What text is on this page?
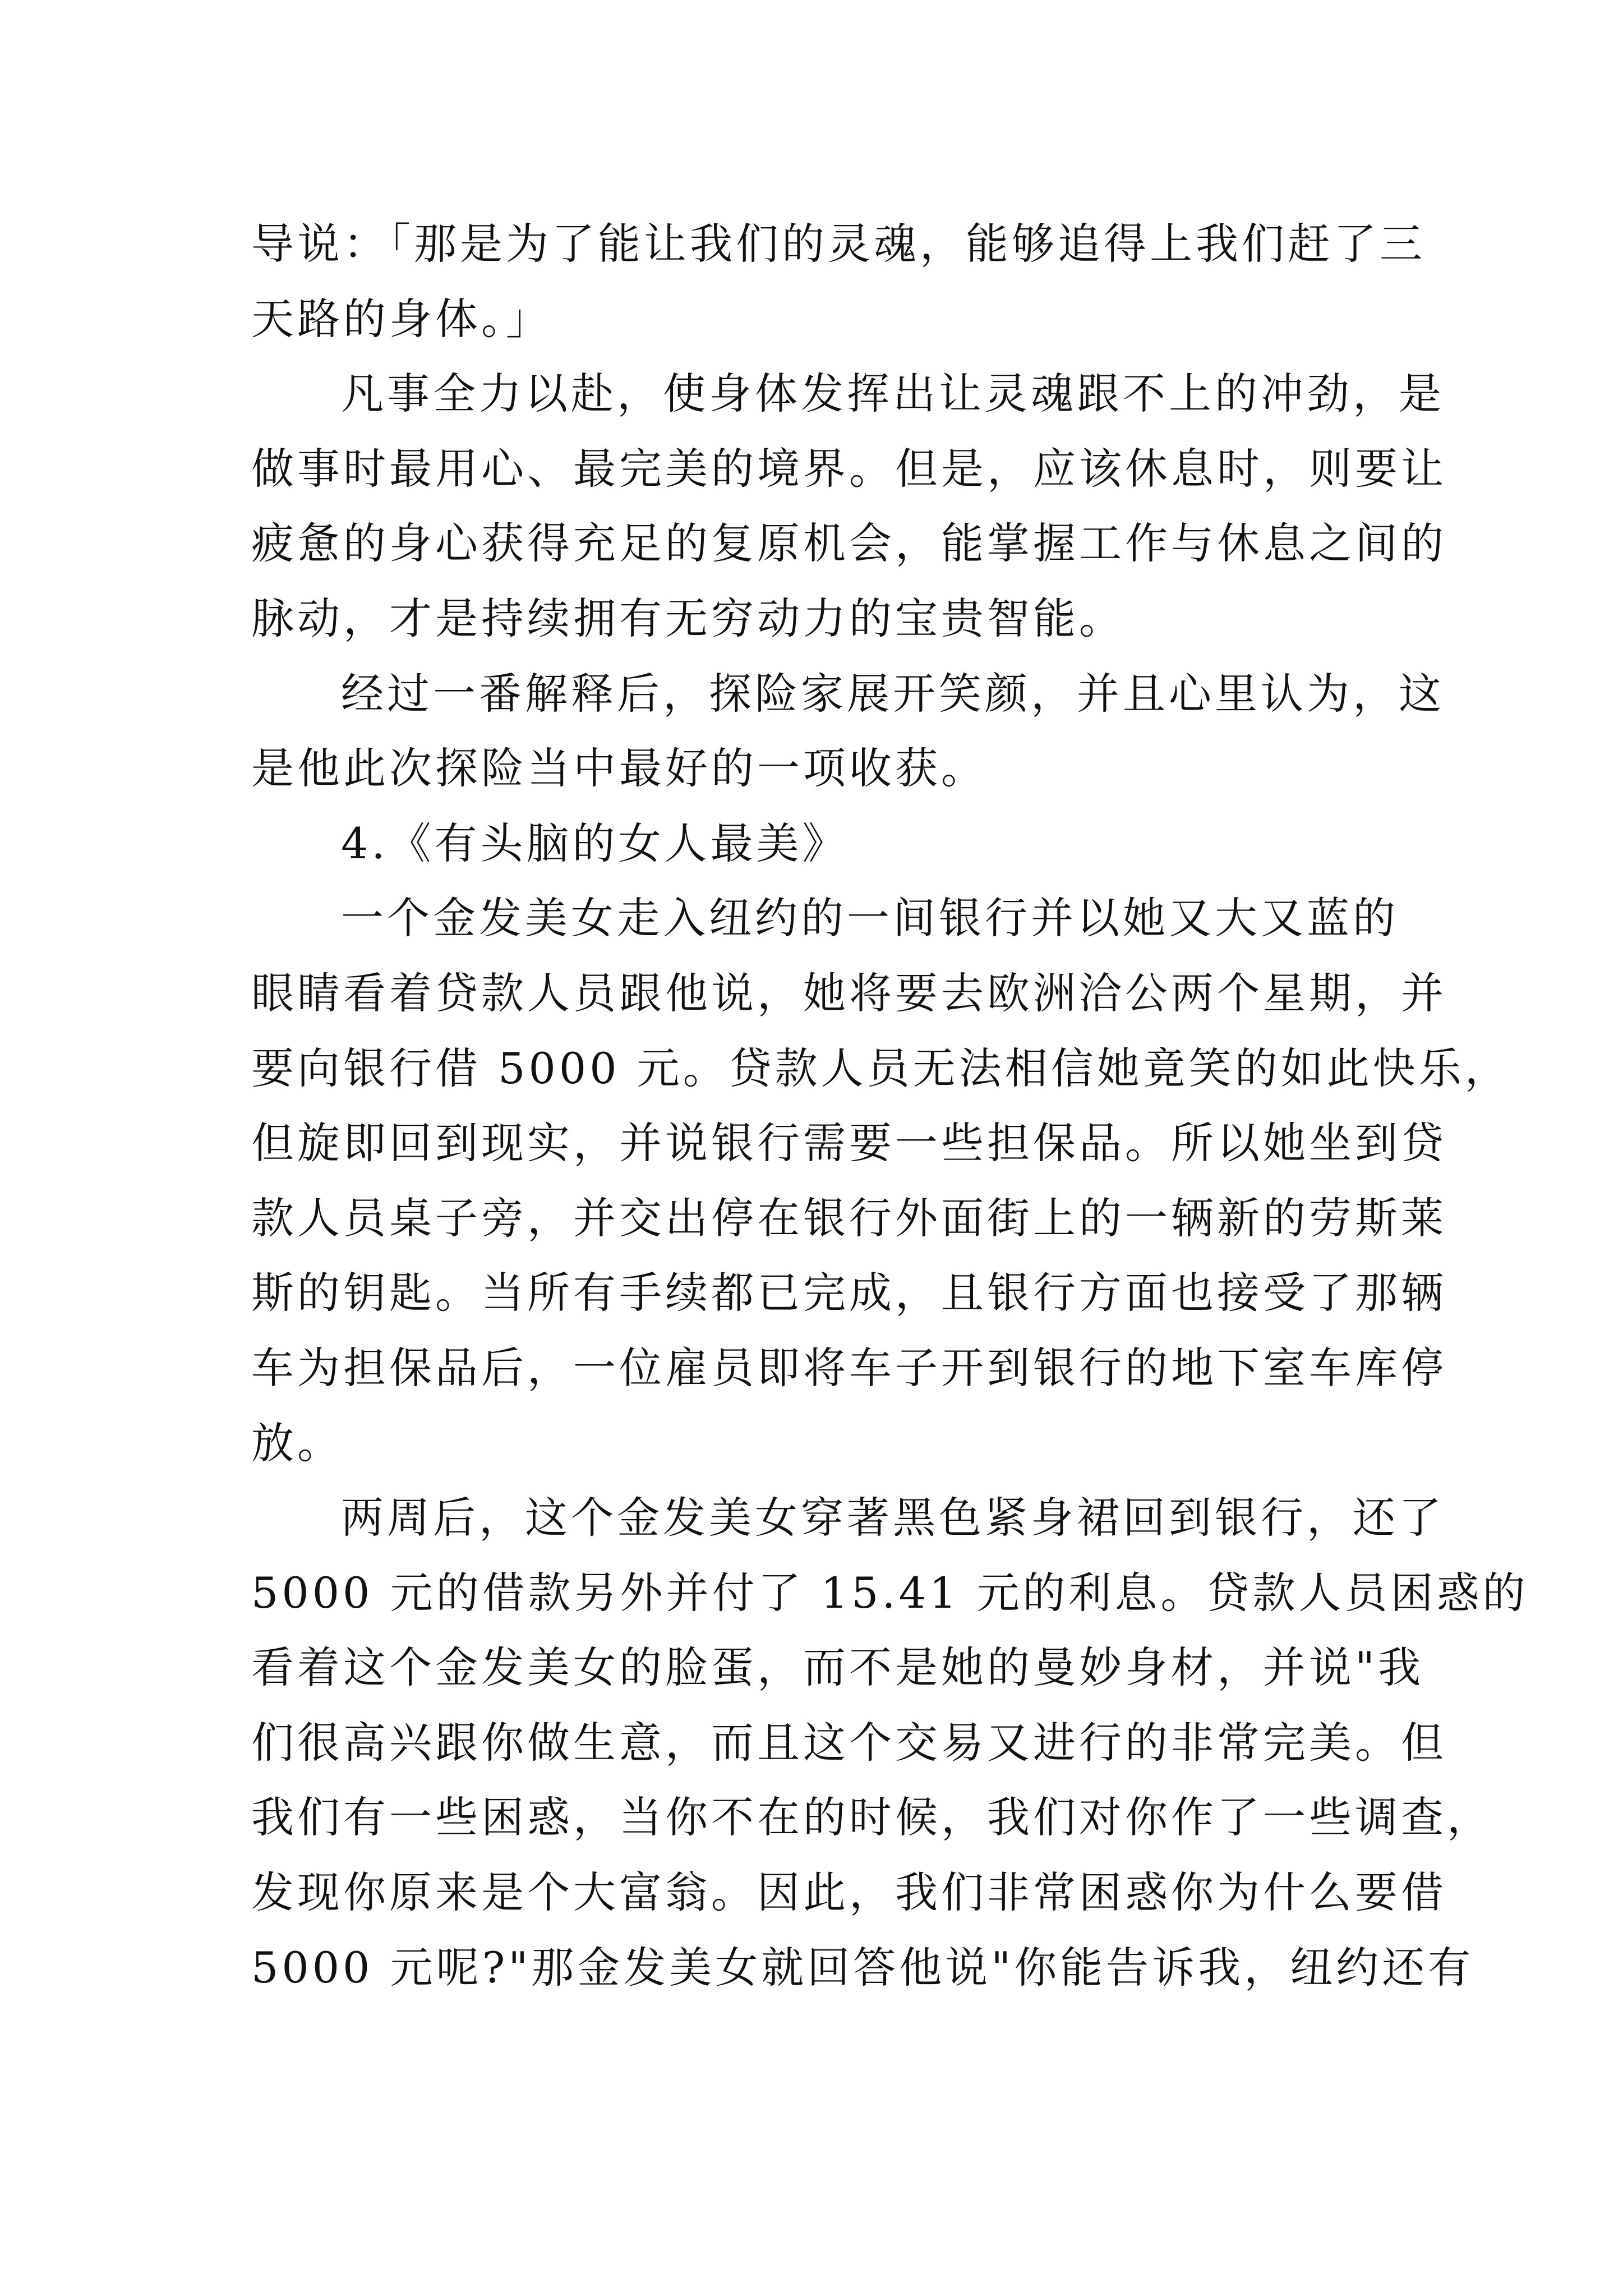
导说：「那是为了能让我们的灵魂，能够追得上我们赶了三
天路的身体。」
凡事全力以赴，使身体发挥出让灵魂跟不上的冲劲，是
做事时最用心、最完美的境界。但是，应该休息时，则要让
疲惫的身心获得充足的复原机会，能掌握工作与休息之间的
脉动，才是持续拥有无穷动力的宝贵智能。
经过一番解释后，探险家展开笑颜，并且心里认为，这
是他此次探险当中最好的一项收获。
4.《有头脑的女人最美》
一个金发美女走入纽约的一间银行并以她又大又蓝的
眼睛看着贷款人员跟他说，她将要去欧洲洽公两个星期，并
要向银行借 5000 元。贷款人员无法相信她竟笑的如此快乐，
但旋即回到现实，并说银行需要一些担保品。所以她坐到贷
款人员桌子旁，并交出停在银行外面街上的一辆新的劳斯莱
斯的钥匙。当所有手续都已完成，且银行方面也接受了那辆
车为担保品后，一位雇员即将车子开到银行的地下室车库停
放。
两周后，这个金发美女穿著黑色紧身裙回到银行，还了
5000 元的借款另外并付了 15.41 元的利息。贷款人员困惑的
看着这个金发美女的脸蛋，而不是她的曼妙身材，并说"我
们很高兴跟你做生意，而且这个交易又进行的非常完美。但
我们有一些困惑，当你不在的时候，我们对你作了一些调查，
发现你原来是个大富翁。因此，我们非常困惑你为什么要借
5000 元呢?"那金发美女就回答他说"你能告诉我，纽约还有
